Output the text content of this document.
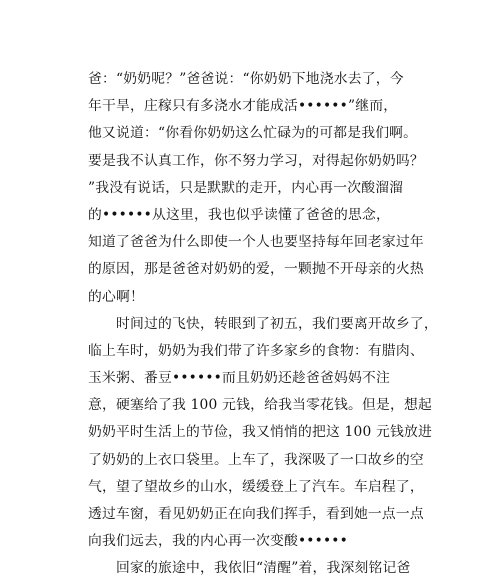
爸：“奶奶呢？”爸爸说：“你奶奶下地浇水去了，今
年干旱，庄稼只有多浇水才能成活••••••”继而，
他又说道：“你看你奶奶这么忙碌为的可都是我们啊。
要是我不认真工作，你不努力学习，对得起你奶奶吗？
”我没有说话，只是默默的走开，内心再一次酸溜溜
的••••••从这里，我也似乎读懂了爸爸的思念，
知道了爸爸为什么即使一个人也要坚持每年回老家过年
的原因，那是爸爸对奶奶的爱，一颗抛不开母亲的火热
的心啊！
　　时间过的飞快，转眼到了初五，我们要离开故乡了，
临上车时，奶奶为我们带了许多家乡的食物：有腊肉、
玉米粥、番豆••••••而且奶奶还趁爸爸妈妈不注
意，硬塞给了我 100 元钱，给我当零花钱。但是，想起
奶奶平时生活上的节俭，我又悄悄的把这 100 元钱放进
了奶奶的上衣口袋里。上车了，我深吸了一口故乡的空
气，望了望故乡的山水，缓缓登上了汽车。车启程了，
透过车窗，看见奶奶正在向我们挥手，看到她一点一点
向我们远去，我的内心再一次变酸••••••
　　回家的旅途中，我依旧“清醒”着，我深刻铭记爸
